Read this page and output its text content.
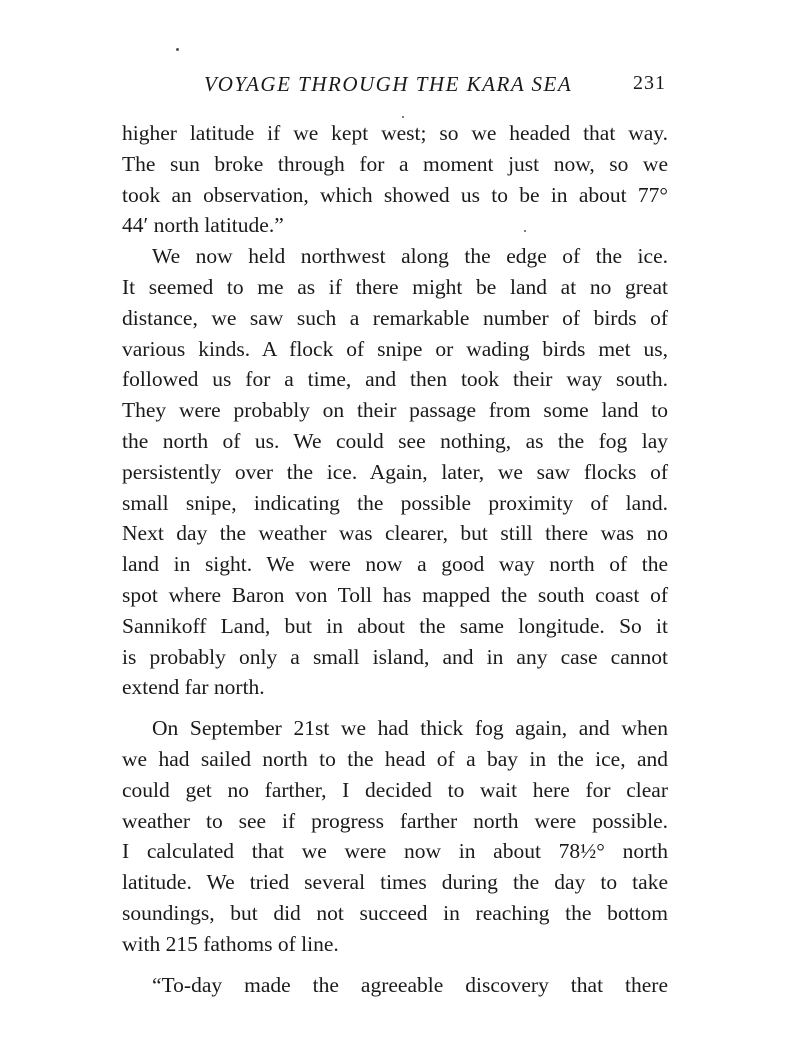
VOYAGE THROUGH THE KARA SEA	231
higher latitude if we kept west; so we headed that way.
The sun broke through for a moment just now, so we
took an observation, which showed us to be in about 77°
44′ north latitude.”
We now held northwest along the edge of the ice.
It seemed to me as if there might be land at no great
distance, we saw such a remarkable number of birds of
various kinds. A flock of snipe or wading birds met us,
followed us for a time, and then took their way south.
They were probably on their passage from some land to
the north of us. We could see nothing, as the fog lay
persistently over the ice. Again, later, we saw flocks of
small snipe, indicating the possible proximity of land.
Next day the weather was clearer, but still there was no
land in sight. We were now a good way north of the
spot where Baron von Toll has mapped the south coast of
Sannikoff Land, but in about the same longitude. So it
is probably only a small island, and in any case cannot
extend far north.
On September 21st we had thick fog again, and when
we had sailed north to the head of a bay in the ice, and
could get no farther, I decided to wait here for clear
weather to see if progress farther north were possible.
I calculated that we were now in about 78½° north
latitude. We tried several times during the day to take
soundings, but did not succeed in reaching the bottom
with 215 fathoms of line.
“To-day made the agreeable discovery that there
